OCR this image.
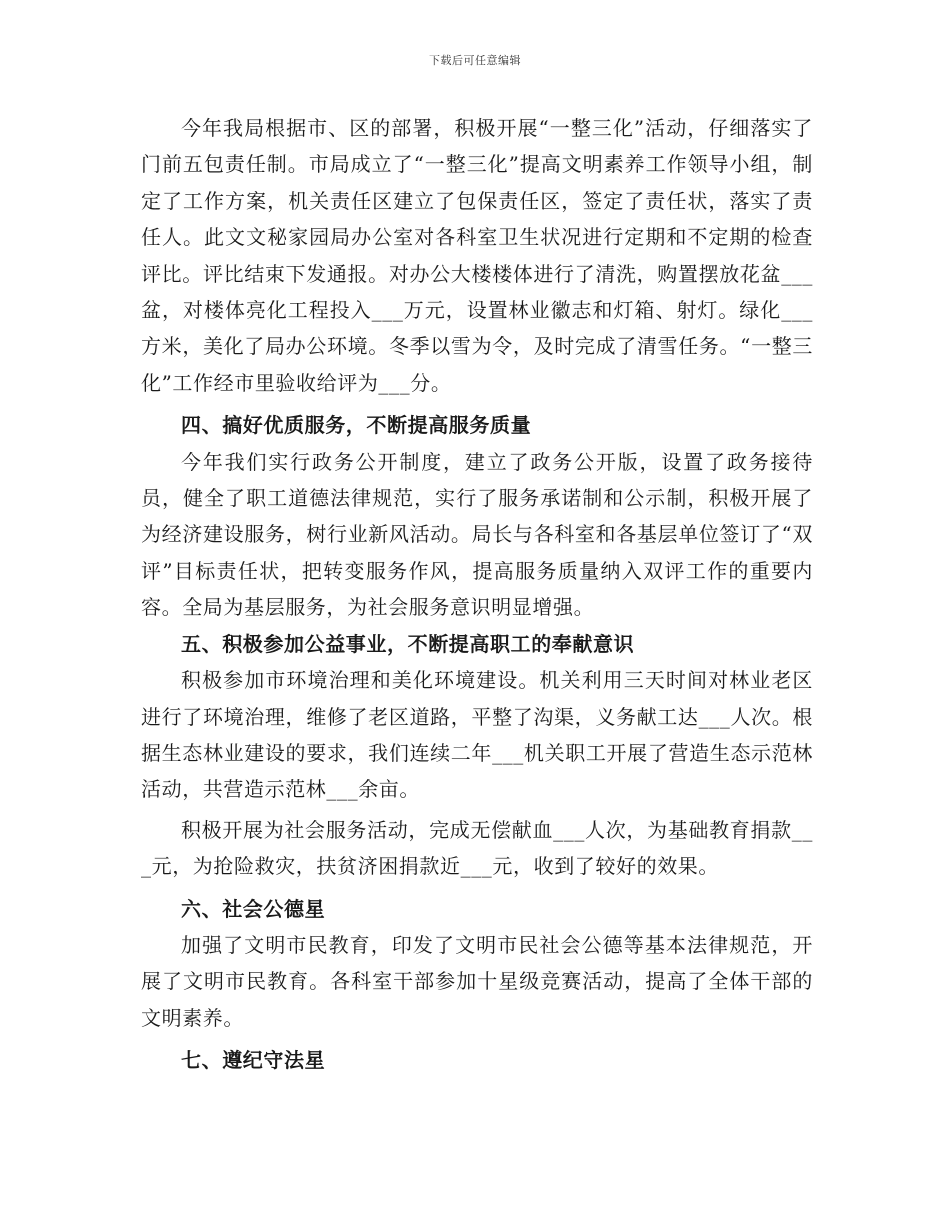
下载后可任意编辑

今年我局根据市、区的部署，积极开展“一整三化”活动，仔细落实了门前五包责任制。市局成立了“一整三化”提高文明素养工作领导小组，制定了工作方案，机关责任区建立了包保责任区，签定了责任状，落实了责任人。此文文秘家园局办公室对各科室卫生状况进行定期和不定期的检查评比。评比结束下发通报。对办公大楼楼体进行了清洗，购置摆放花盆___盆，对楼体亮化工程投入___万元，设置林业徽志和灯箱、射灯。绿化___方米，美化了局办公环境。冬季以雪为令，及时完成了清雪任务。“一整三化”工作经市里验收给评为___分。

四、搞好优质服务，不断提高服务质量

今年我们实行政务公开制度，建立了政务公开版，设置了政务接待员，健全了职工道德法律规范，实行了服务承诺制和公示制，积极开展了为经济建设服务，树行业新风活动。局长与各科室和各基层单位签订了“双评”目标责任状，把转变服务作风，提高服务质量纳入双评工作的重要内容。全局为基层服务，为社会服务意识明显增强。

五、积极参加公益事业，不断提高职工的奉献意识

积极参加市环境治理和美化环境建设。机关利用三天时间对林业老区进行了环境治理，维修了老区道路，平整了沟渠，义务献工达___人次。根据生态林业建设的要求，我们连续二年___机关职工开展了营造生态示范林活动，共营造示范林___余亩。

积极开展为社会服务活动，完成无偿献血___人次，为基础教育捐款___元，为抢险救灾，扶贫济困捐款近___元，收到了较好的效果。

六、社会公德星

加强了文明市民教育，印发了文明市民社会公德等基本法律规范，开展了文明市民教育。各科室干部参加十星级竞赛活动，提高了全体干部的文明素养。

七、遵纪守法星
